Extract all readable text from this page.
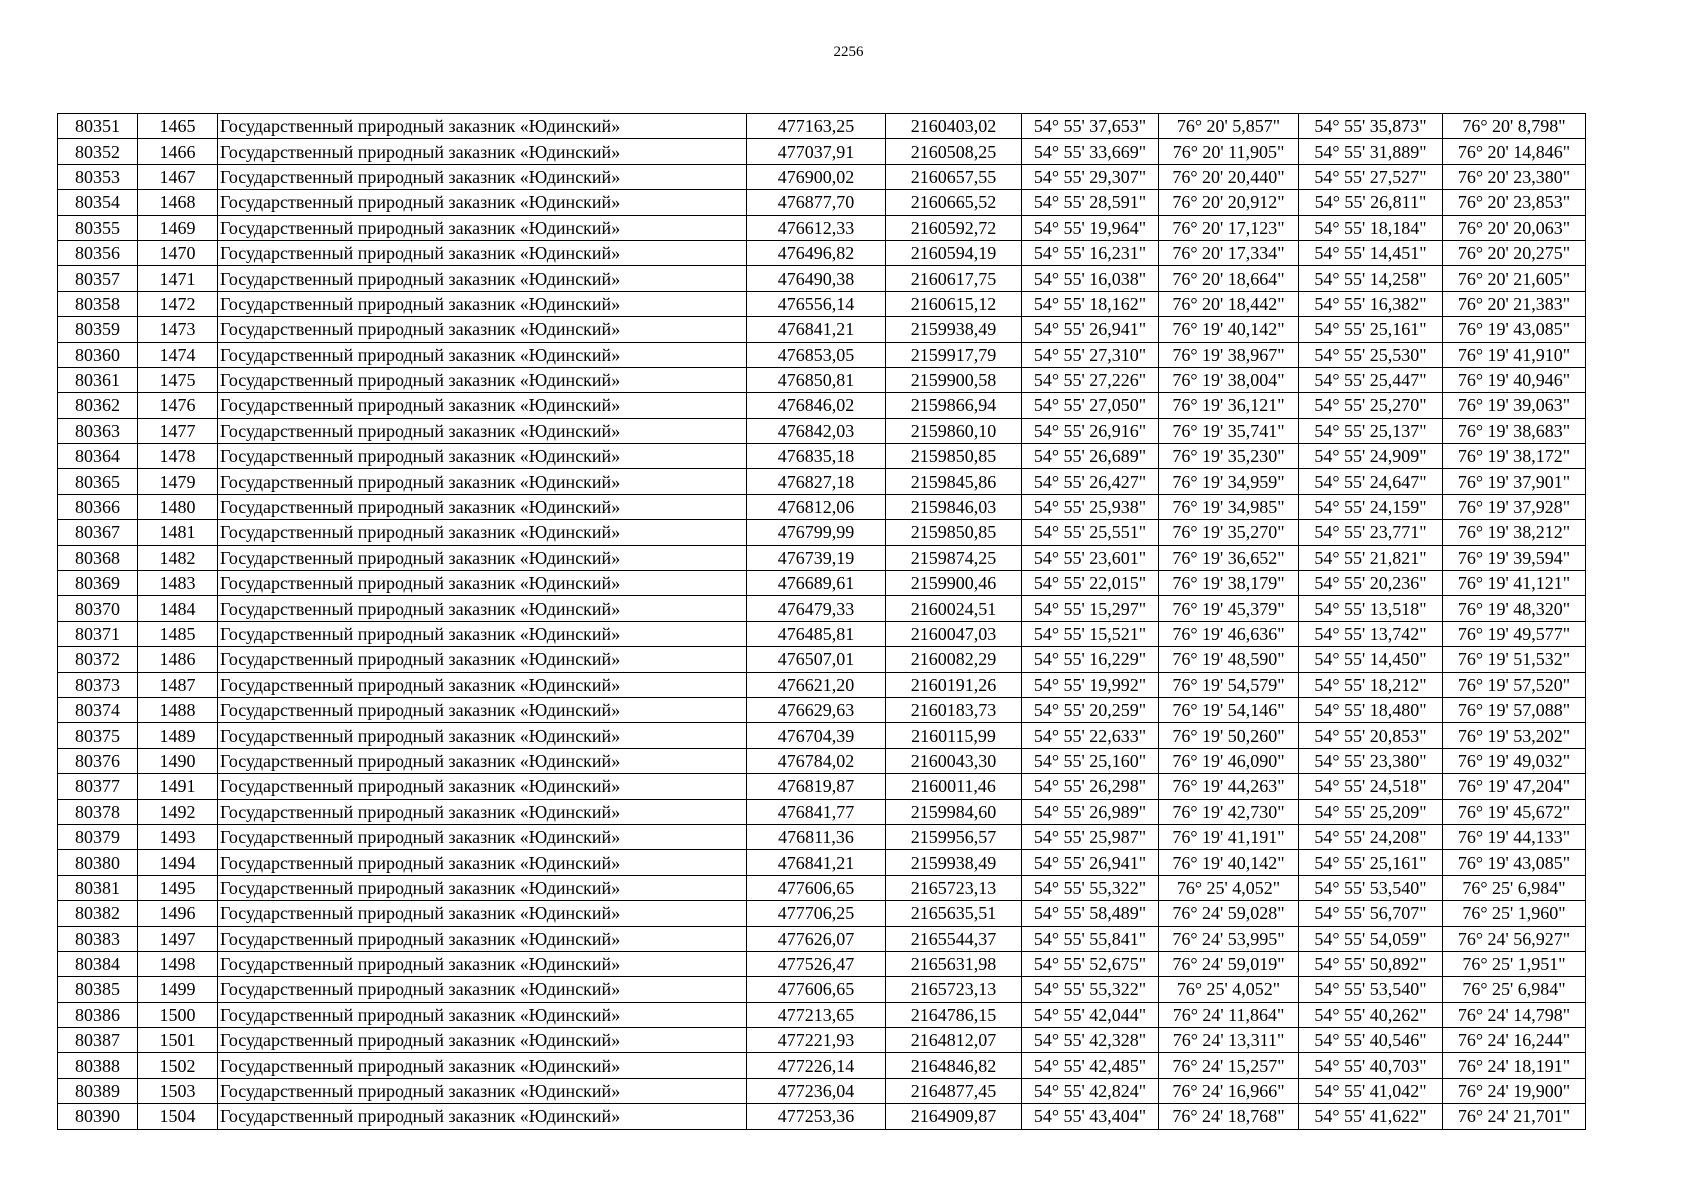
2256
80351	1465	Государственный природный заказник «Юдинский»	477163,25	2160403,02	54° 55' 37,653"	76° 20' 5,857"	54° 55' 35,873"	76° 20' 8,798"
80352	1466	Государственный природный заказник «Юдинский»	477037,91	2160508,25	54° 55' 33,669"	76° 20' 11,905"	54° 55' 31,889"	76° 20' 14,846"
80353	1467	Государственный природный заказник «Юдинский»	476900,02	2160657,55	54° 55' 29,307"	76° 20' 20,440"	54° 55' 27,527"	76° 20' 23,380"
80354	1468	Государственный природный заказник «Юдинский»	476877,70	2160665,52	54° 55' 28,591"	76° 20' 20,912"	54° 55' 26,811"	76° 20' 23,853"
80355	1469	Государственный природный заказник «Юдинский»	476612,33	2160592,72	54° 55' 19,964"	76° 20' 17,123"	54° 55' 18,184"	76° 20' 20,063"
80356	1470	Государственный природный заказник «Юдинский»	476496,82	2160594,19	54° 55' 16,231"	76° 20' 17,334"	54° 55' 14,451"	76° 20' 20,275"
80357	1471	Государственный природный заказник «Юдинский»	476490,38	2160617,75	54° 55' 16,038"	76° 20' 18,664"	54° 55' 14,258"	76° 20' 21,605"
80358	1472	Государственный природный заказник «Юдинский»	476556,14	2160615,12	54° 55' 18,162"	76° 20' 18,442"	54° 55' 16,382"	76° 20' 21,383"
80359	1473	Государственный природный заказник «Юдинский»	476841,21	2159938,49	54° 55' 26,941"	76° 19' 40,142"	54° 55' 25,161"	76° 19' 43,085"
80360	1474	Государственный природный заказник «Юдинский»	476853,05	2159917,79	54° 55' 27,310"	76° 19' 38,967"	54° 55' 25,530"	76° 19' 41,910"
80361	1475	Государственный природный заказник «Юдинский»	476850,81	2159900,58	54° 55' 27,226"	76° 19' 38,004"	54° 55' 25,447"	76° 19' 40,946"
80362	1476	Государственный природный заказник «Юдинский»	476846,02	2159866,94	54° 55' 27,050"	76° 19' 36,121"	54° 55' 25,270"	76° 19' 39,063"
80363	1477	Государственный природный заказник «Юдинский»	476842,03	2159860,10	54° 55' 26,916"	76° 19' 35,741"	54° 55' 25,137"	76° 19' 38,683"
80364	1478	Государственный природный заказник «Юдинский»	476835,18	2159850,85	54° 55' 26,689"	76° 19' 35,230"	54° 55' 24,909"	76° 19' 38,172"
80365	1479	Государственный природный заказник «Юдинский»	476827,18	2159845,86	54° 55' 26,427"	76° 19' 34,959"	54° 55' 24,647"	76° 19' 37,901"
80366	1480	Государственный природный заказник «Юдинский»	476812,06	2159846,03	54° 55' 25,938"	76° 19' 34,985"	54° 55' 24,159"	76° 19' 37,928"
80367	1481	Государственный природный заказник «Юдинский»	476799,99	2159850,85	54° 55' 25,551"	76° 19' 35,270"	54° 55' 23,771"	76° 19' 38,212"
80368	1482	Государственный природный заказник «Юдинский»	476739,19	2159874,25	54° 55' 23,601"	76° 19' 36,652"	54° 55' 21,821"	76° 19' 39,594"
80369	1483	Государственный природный заказник «Юдинский»	476689,61	2159900,46	54° 55' 22,015"	76° 19' 38,179"	54° 55' 20,236"	76° 19' 41,121"
80370	1484	Государственный природный заказник «Юдинский»	476479,33	2160024,51	54° 55' 15,297"	76° 19' 45,379"	54° 55' 13,518"	76° 19' 48,320"
80371	1485	Государственный природный заказник «Юдинский»	476485,81	2160047,03	54° 55' 15,521"	76° 19' 46,636"	54° 55' 13,742"	76° 19' 49,577"
80372	1486	Государственный природный заказник «Юдинский»	476507,01	2160082,29	54° 55' 16,229"	76° 19' 48,590"	54° 55' 14,450"	76° 19' 51,532"
80373	1487	Государственный природный заказник «Юдинский»	476621,20	2160191,26	54° 55' 19,992"	76° 19' 54,579"	54° 55' 18,212"	76° 19' 57,520"
80374	1488	Государственный природный заказник «Юдинский»	476629,63	2160183,73	54° 55' 20,259"	76° 19' 54,146"	54° 55' 18,480"	76° 19' 57,088"
80375	1489	Государственный природный заказник «Юдинский»	476704,39	2160115,99	54° 55' 22,633"	76° 19' 50,260"	54° 55' 20,853"	76° 19' 53,202"
80376	1490	Государственный природный заказник «Юдинский»	476784,02	2160043,30	54° 55' 25,160"	76° 19' 46,090"	54° 55' 23,380"	76° 19' 49,032"
80377	1491	Государственный природный заказник «Юдинский»	476819,87	2160011,46	54° 55' 26,298"	76° 19' 44,263"	54° 55' 24,518"	76° 19' 47,204"
80378	1492	Государственный природный заказник «Юдинский»	476841,77	2159984,60	54° 55' 26,989"	76° 19' 42,730"	54° 55' 25,209"	76° 19' 45,672"
80379	1493	Государственный природный заказник «Юдинский»	476811,36	2159956,57	54° 55' 25,987"	76° 19' 41,191"	54° 55' 24,208"	76° 19' 44,133"
80380	1494	Государственный природный заказник «Юдинский»	476841,21	2159938,49	54° 55' 26,941"	76° 19' 40,142"	54° 55' 25,161"	76° 19' 43,085"
80381	1495	Государственный природный заказник «Юдинский»	477606,65	2165723,13	54° 55' 55,322"	76° 25' 4,052"	54° 55' 53,540"	76° 25' 6,984"
80382	1496	Государственный природный заказник «Юдинский»	477706,25	2165635,51	54° 55' 58,489"	76° 24' 59,028"	54° 55' 56,707"	76° 25' 1,960"
80383	1497	Государственный природный заказник «Юдинский»	477626,07	2165544,37	54° 55' 55,841"	76° 24' 53,995"	54° 55' 54,059"	76° 24' 56,927"
80384	1498	Государственный природный заказник «Юдинский»	477526,47	2165631,98	54° 55' 52,675"	76° 24' 59,019"	54° 55' 50,892"	76° 25' 1,951"
80385	1499	Государственный природный заказник «Юдинский»	477606,65	2165723,13	54° 55' 55,322"	76° 25' 4,052"	54° 55' 53,540"	76° 25' 6,984"
80386	1500	Государственный природный заказник «Юдинский»	477213,65	2164786,15	54° 55' 42,044"	76° 24' 11,864"	54° 55' 40,262"	76° 24' 14,798"
80387	1501	Государственный природный заказник «Юдинский»	477221,93	2164812,07	54° 55' 42,328"	76° 24' 13,311"	54° 55' 40,546"	76° 24' 16,244"
80388	1502	Государственный природный заказник «Юдинский»	477226,14	2164846,82	54° 55' 42,485"	76° 24' 15,257"	54° 55' 40,703"	76° 24' 18,191"
80389	1503	Государственный природный заказник «Юдинский»	477236,04	2164877,45	54° 55' 42,824"	76° 24' 16,966"	54° 55' 41,042"	76° 24' 19,900"
80390	1504	Государственный природный заказник «Юдинский»	477253,36	2164909,87	54° 55' 43,404"	76° 24' 18,768"	54° 55' 41,622"	76° 24' 21,701"
